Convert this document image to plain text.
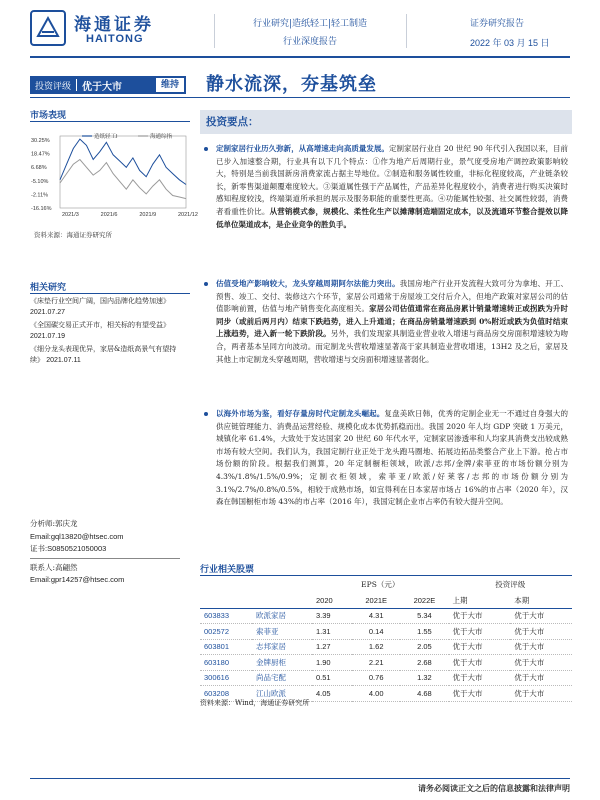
海通证券
HAITONG
行业研究|造纸轻工|轻工制造
行业深度报告
证券研究报告
2022 年 03 月 15 日
投资评级	优于大市	维持 静水流深，夯基筑垒
市场表现
30.25%
18.47%
6.68%
-5.10%
-2.11%
-16.16%
2021/3	2021/6	2021/9	2021/12
造纸轻工I	海通综指
资料来源：海通证券研究所
相关研究
《床垫行业空间广阔，国内品牌化趋势加速》 2021.07.27
《全国碳交易正式开市，相关标的有望受益》 2021.07.19
《细分龙头表现优异，家居&造纸高景气有望持续》 2021.07.11
分析师:郭庆龙
Email:gql13820@htsec.com
证书:S0850521050003
联系人:高翩然
Email:gpr14257@htsec.com
投资要点：
定制家居行业历久弥新，从高增速走向高质量发展。定制家居行业自 20 世纪 90 年代引入我国以来，目前已步入加速整合期，行业具有以下几个特点：①作为地产后周期行业，景气度受房地产调控政策影响较大，特别是当前我国新房消费家流占据主导地位。②制造和服务属性较重，非标化程度较高，产业链条较长，新零售渠道颠覆难度较大。③渠道属性强于产品属性，产品差异化程度较小，消费者进行购买决策时感知程度较浅，终端渠道所承担的展示及服务职能的重要性更高。④功能属性较强、社交属性较弱，消费者看重性价比。从营销模式参，规模化、柔性化生产以摊薄制造端固定成本，以及流通环节整合提效以降低单位渠道成本，是企业竞争的胜负手。
估值受地产影响较大，龙头穿越周期阿尔法能力突出。我国房地产行业开发流程大致可分为拿地、开工、预售、竣工、交付、装修这六个环节，家居公司通常于房屋竣工交付后介入，但地产政策对家居公司的估值影响前置，估值与地产销售变化高度相关。家居公司估值通常在商品房累计销量增速转正或拐跌为升时同步（或前后两月内）结束下跌趋势，进入上升通道；在商品房销量增速跌到 0%附近或跌为负值时结束上涨趋势，进入新一轮下跌阶段。另外，我们发现家具制造业营业收入增速与商品房交房面积增速较为吻合，两者基本呈同方向波动。而定制龙头营收增速显著高于家具制造业营收增速，13H2 及之后，家居及其他上市定制龙头穿越周期，营收增速与交房面积增速显著弱化。
以海外市场为鉴，看好存量房时代定制龙头崛起。复盘美欧日韩，优秀的定制企业无一不通过自身强大的供应链管理能力、消费品运营经验、规模化成本优势抓稳而出。我国 2020 年人均 GDP 突破 1 万美元，城镇化率 61.4%，大致处于发达国家 20 世纪 60 年代水平，定制家居渗透率和人均家具消费支出较成熟市场有较大空间。我们认为，我国定制行业正处于龙头跑马圈地、拓展边拓品类整合产业上下游。抢占市场份额的阶段。根据我们测算，20 年定制橱柜领域，欧派/志邦/金牌/索菲亚的市场份额分别为 4.3%/1.8%/1.5%/0.9%；定制衣柜领域，索菲亚/欧派/好莱客/志邦的市场份额分别为 3.1%/2.7%/0.8%/0.5%，相较于成熟市场，如宜得利在日本家居市场占 16%的市占率（2020 年），汉森在韩国橱柜市场 43%的市占率（2016 年），我国定制企业市占率仍有较大提升空间。
行业相关股票
		EPS（元）			投资评级	
		2020	2021E	2022E	上期	本期
603833	欧派家居	3.39	4.31	5.34	优于大市	优于大市
002572	索菲亚	1.31	0.14	1.55	优于大市	优于大市
603801	志邦家居	1.27	1.62	2.05	优于大市	优于大市
603180	金牌厨柜	1.90	2.21	2.68	优于大市	优于大市
300616	尚品宅配	0.51	0.76	1.32	优于大市	优于大市
603208	江山欧派	4.05	4.00	4.68	优于大市	优于大市
资料来源：Wind，海通证券研究所
请务必阅读正文之后的信息披露和法律声明
